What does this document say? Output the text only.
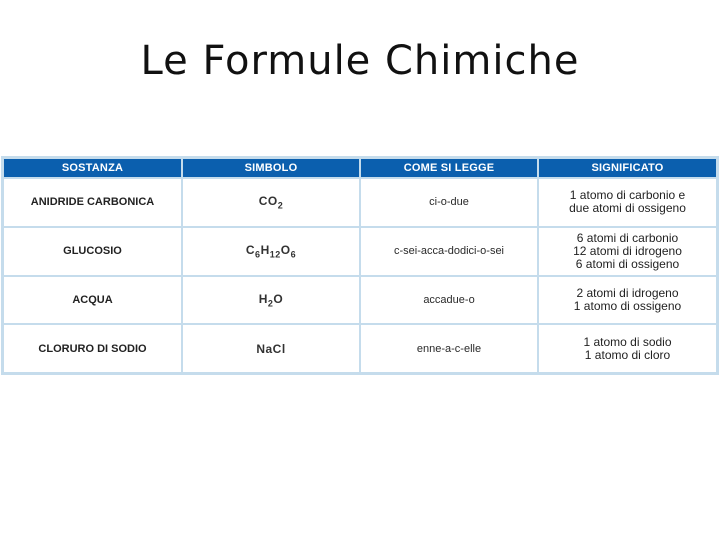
Le Formule Chimiche
SOSTANZA	SIMBOLO	COME SI LEGGE	SIGNIFICATO
ANIDRIDE CARBONICA	$CO_2$	ci-o-due	1 atomo di carbonio e
due atomi di ossigeno

GLUCOSIO	$C_6H_{12}O_6$	c-sei-acca-dodici-o-sei	6 atomi di carbonio
12 atomi di idrogeno
6 atomi di ossigeno

ACQUA	$H_2O$	accadue-o	2 atomi di idrogeno
1 atomo di ossigeno

CLORURO DI SODIO	NaCl	enne-a-c-elle	1 atomo di sodio
1 atomo di cloro
